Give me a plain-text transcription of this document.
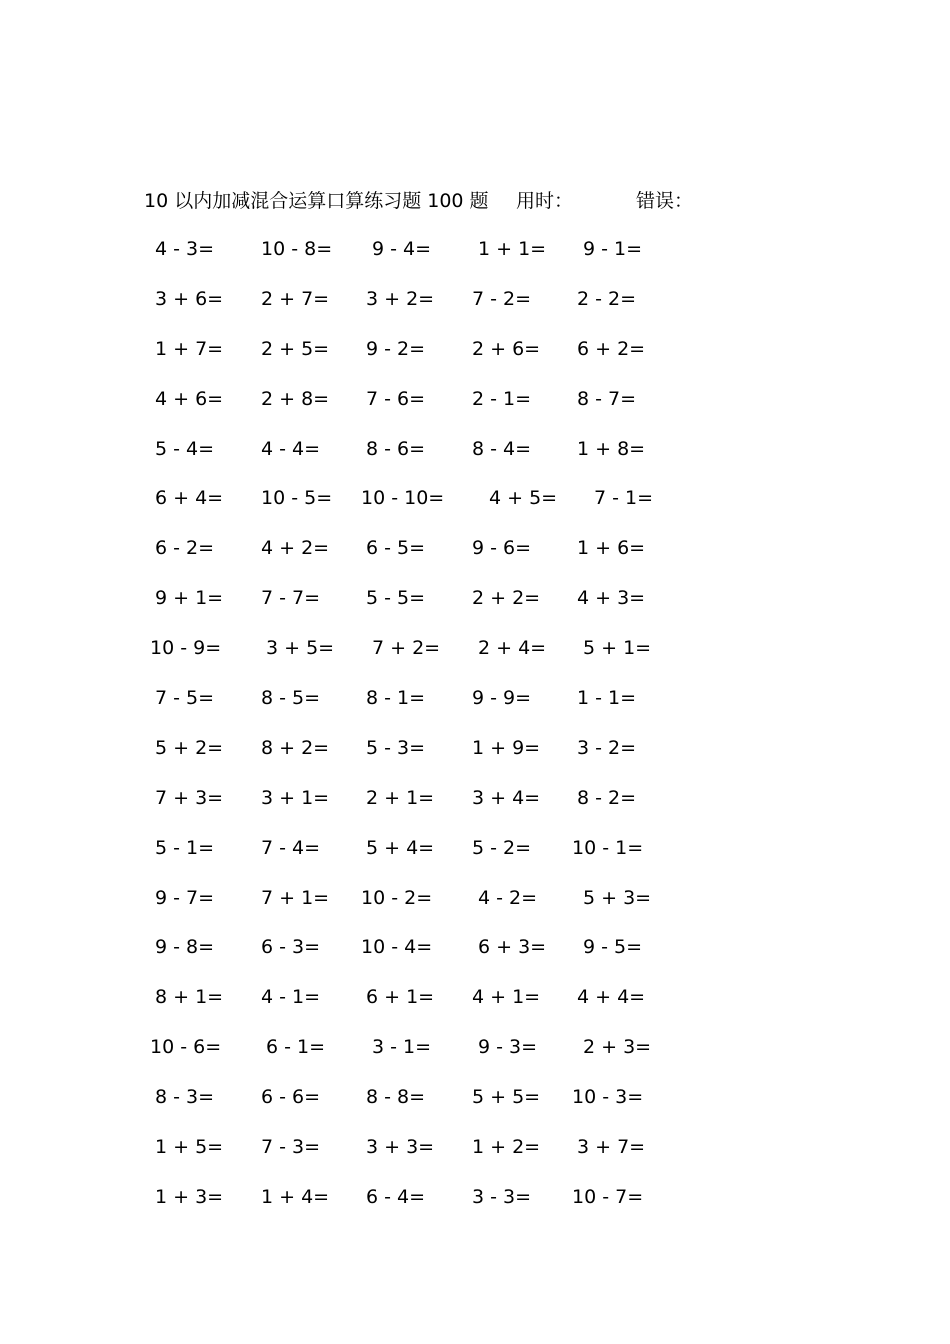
10 以内加减混合运算口算练习题 100 题 用时：	错误：
4 - 3= 10 - 8= 9 - 4= 1 + 1= 9 - 1=
3 + 6= 2 + 7= 3 + 2= 7 - 2= 2 - 2=
1 + 7= 2 + 5= 9 - 2= 2 + 6= 6 + 2=
4 + 6= 2 + 8= 7 - 6= 2 - 1= 8 - 7=
5 - 4= 4 - 4= 8 - 6= 8 - 4= 1 + 8=
6 + 4= 10 - 5= 10 - 10= 4 + 5= 7 - 1=
6 - 2= 4 + 2= 6 - 5= 9 - 6= 1 + 6=
9 + 1= 7 - 7= 5 - 5= 2 + 2= 4 + 3=
10 - 9= 3 + 5= 7 + 2= 2 + 4= 5 + 1=
7 - 5= 8 - 5= 8 - 1= 9 - 9= 1 - 1=
5 + 2= 8 + 2= 5 - 3= 1 + 9= 3 - 2=
7 + 3= 3 + 1= 2 + 1= 3 + 4= 8 - 2=
5 - 1= 7 - 4= 5 + 4= 5 - 2= 10 - 1=
9 - 7= 7 + 1= 10 - 2= 4 - 2= 5 + 3=
9 - 8= 6 - 3= 10 - 4= 6 + 3= 9 - 5=
8 + 1= 4 - 1= 6 + 1= 4 + 1= 4 + 4=
10 - 6= 6 - 1= 3 - 1= 9 - 3= 2 + 3=
8 - 3= 6 - 6= 8 - 8= 5 + 5= 10 - 3=
1 + 5= 7 - 3= 3 + 3= 1 + 2= 3 + 7=
1 + 3= 1 + 4= 6 - 4= 3 - 3= 10 - 7=
